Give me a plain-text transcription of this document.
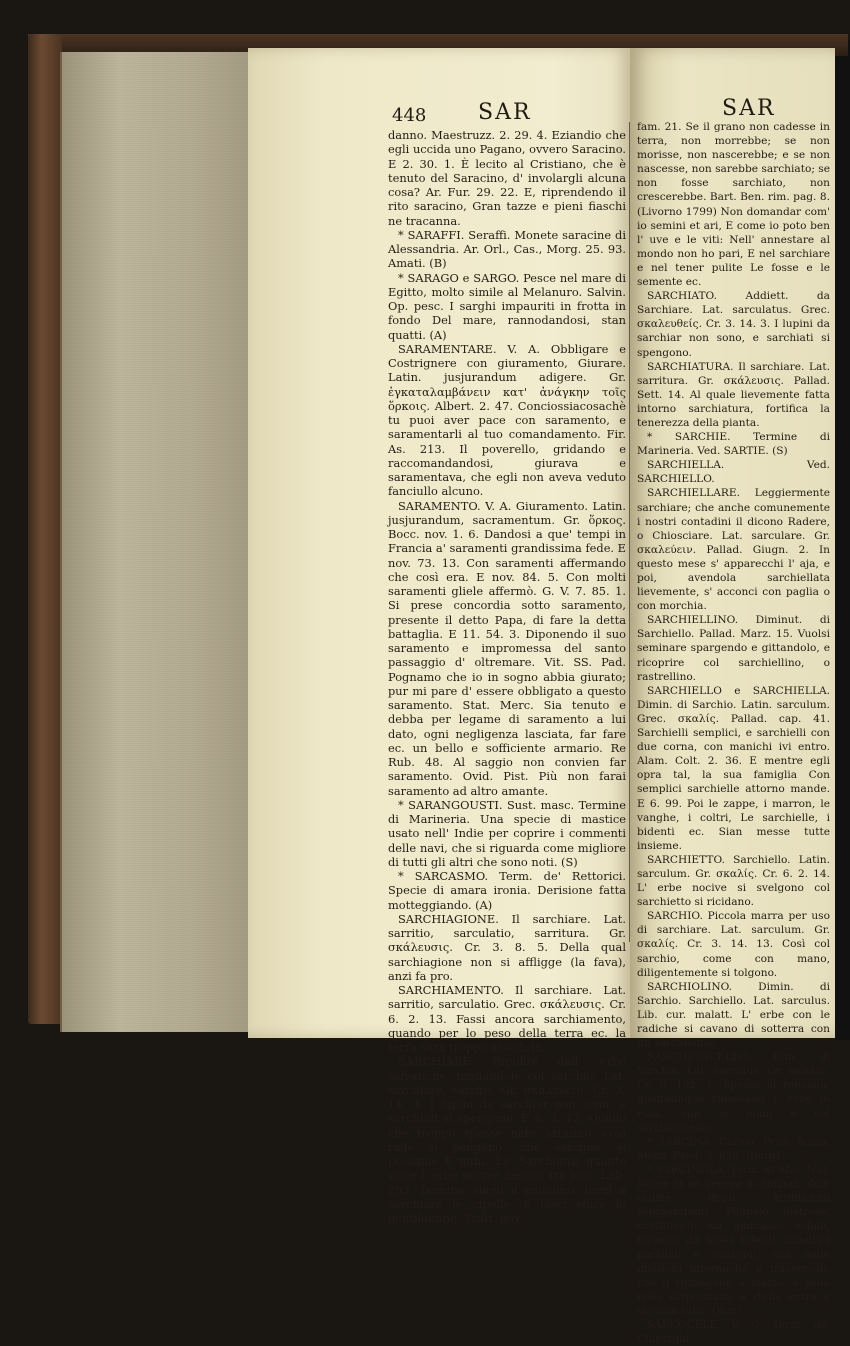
448 SAR	SAR

danno. Maestruzz. 2. 29. 4. Eziandio che egli uccida uno Pagano, ovvero Saracino. E 2. 30. 1. È lecito al Cristiano, che è tenuto del Saracino, d' involargli alcuna cosa? Ar. Fur. 29. 22. E, riprendendo il rito saracino, Gran tazze e pieni fiaschi ne tracanna.

* SARAFFI. Seraffi. Monete saracine di Alessandria. Ar. Orl., Cas., Morg. 25. 93. Amati. (B)

* SARAGO e SARGO. Pesce nel mare di Egitto, molto simile al Melanuro. Salvin. Op. pesc. I sarghi impauriti in frotta in fondo Del mare, rannodandosi, stan quatti. (A)

SARAMENTARE. V. A. Obbligare e Costrignere con giuramento, Giurare. Latin. jusjurandum adigere. Gr. ἐγκαταλαμβάνειν κατ' ἀνάγκην τοῖς ὅρκοις. Albert. 2. 47. Conciossiacosachè tu puoi aver pace con saramento, e saramentarli al tuo comandamento. Fir. As. 213. Il poverello, gridando e raccomandandosi, giurava e saramentava, che egli non aveva veduto fanciullo alcuno.

SARAMENTO. V. A. Giuramento. Latin. jusjurandum, sacramentum. Gr. ὅρκος. Bocc. nov. 1. 6. Dandosi a que' tempi in Francia a' saramenti grandissima fede. E nov. 73. 13. Con saramenti affermando che così era. E nov. 84. 5. Con molti saramenti gliele affermò. G. V. 7. 85. 1. Si prese concordia sotto saramento, presente il detto Papa, di fare la detta battaglia. E 11. 54. 3. Diponendo il suo saramento e impromessa del santo passaggio d' oltremare. Vit. SS. Pad. Pognamo che io in sogno abbia giurato; pur mi pare d' essere obbligato a questo saramento. Stat. Merc. Sia tenuto e debba per legame di saramento a lui dato, ogni negligenza lasciata, far fare ec. un bello e sofficiente armario. Re Rub. 48. Al saggio non convien far saramento. Ovid. Pist. Più non farai saramento ad altro amante.

* SARANGOUSTI. Sust. masc. Termine di Marineria. Una specie di mastice usato nell' Indie per coprire i commenti delle navi, che si riguarda come migliore di tutti gli altri che sono noti. (S)

* SARCASMO. Term. de' Rettorici. Specie di amara ironia. Derisione fatta motteggiando. (A)

SARCHIAGIONE. Il sarchiare. Lat. sarritio, sarculatio, sarritura. Gr. σκάλευσις. Cr. 3. 8. 5. Della qual sarchiagione non si affligge (la fava), anzi fa pro.

SARCHIAMENTO. Il sarchiare. Lat. sarritio, sarculatio. Grec. σκάλευσις. Cr. 6. 2. 13. Fassi ancora sarchiamento, quando per lo peso della terra ec. la terra sarà troppo assodata.

SARCHIARE. Ripulire dall' erbe salvatiche, tagliandole col sarchio. Lat. sarculare, sarrire. Gr. σκαλεύειν. Cr. 3. 14. 3. I lupini da sarchiar non sono, e sarchiati si spengono. E 6. 2. 12. Quelle che troppo spesse nate saranno, così rade si pongano, che sarchiar si possano. E num. 13. Sarchiansi quante volte l' erbe nocive nascon tra loro. Lab. 293. Domine, dagli il malanno: torni a sarchiare le cipolle, e lasci stare le gentildonne. Tratt. gov.

fam. 21. Se il grano non cadesse in terra, non morrebbe; se non morisse, non nascerebbe; e se non nascesse, non sarebbe sarchiato; se non fosse sarchiato, non crescerebbe. Bart. Ben. rim. pag. 8. (Livorno 1799) Non domandar com' io semini et ari, E come io poto ben l' uve e le viti: Nell' annestare al mondo non ho pari, E nel sarchiare e nel tener pulite Le fosse e le semente ec.

SARCHIATO. Addiett. da Sarchiare. Lat. sarculatus. Grec. σκαλευθείς. Cr. 3. 14. 3. I lupini da sarchiar non sono, e sarchiati si spengono.

SARCHIATURA. Il sarchiare. Lat. sarritura. Gr. σκάλευσις. Pallad. Sett. 14. Al quale lievemente fatta intorno sarchiatura, fortifica la tenerezza della pianta.

* SARCHIE. Termine di Marineria. Ved. SARTIE. (S)

SARCHIELLA. Ved. SARCHIELLO.

SARCHIELLARE. Leggiermente sarchiare; che anche comunemente i nostri contadini il dicono Radere, o Chiosciare. Lat. sarculare. Gr. σκαλεύειν. Pallad. Giugn. 2. In questo mese s' apparecchi l' aja, e poi, avendola sarchiellata lievemente, s' acconci con paglia o con morchia.

SARCHIELLINO. Diminut. di Sarchiello. Pallad. Marz. 15. Vuolsi seminare spargendo e gittandolo, e ricoprire col sarchiellino, o rastrellino.

SARCHIELLO e SARCHIELLA. Dimin. di Sarchio. Latin. sarculum. Grec. σκαλίς. Pallad. cap. 41. Sarchielli semplici, e sarchielli con due corna, con manichi ivi entro. Alam. Colt. 2. 36. E mentre egli opra tal, la sua famiglia Con semplici sarchielle attorno mande. E 6. 99. Poi le zappe, i marron, le vanghe, i coltri, Le sarchielle, i bidenti ec. Sian messe tutte insieme.

SARCHIETTO. Sarchiello. Latin. sarculum. Gr. σκαλίς. Cr. 6. 2. 14. L' erbe nocive si svelgono col sarchietto si ricidano.

SARCHIO. Piccola marra per uso di sarchiare. Lat. sarculum. Gr. σκαλίς. Cr. 3. 14. 13. Così col sarchio, come con mano, diligentemente si tolgono.

SARCHIOLINO. Dimin. di Sarchio. Sarchiello. Lat. sarculus. Lib. cur. malatt. L' erbe con le radiche si cavano di sotterra con un sarchiolino.

SARCHIONCELLO. Dim. di Sarchio. Lat. sarculus. Gr. σκαλίς. Cr. 6. 102. 1. Spesso si roncano, quandunque rinascano l' erbe in essa, con le mani e col sarchioncello.

* SARCINA. Carico, Peso, Soma. Menz. Pred. 3. 629. (Berg)

* SARCINOLA. Term. di Stor. Nat. Nome di un genere di animali, dell' ordine degli Attiniformi sopraabitanti. Polipajo pietroso, costituente un ammasso solido, formato da molti tubetti cilindrici paralleli e contigui, con delle divisioni intermedie e trasversali, che li riuniscono a fascio, e sono nelle disposizioni a stella entro a ciascun tubo. (Ren)

SARCOCELE. V. G. Term. de' Chirurghi.
